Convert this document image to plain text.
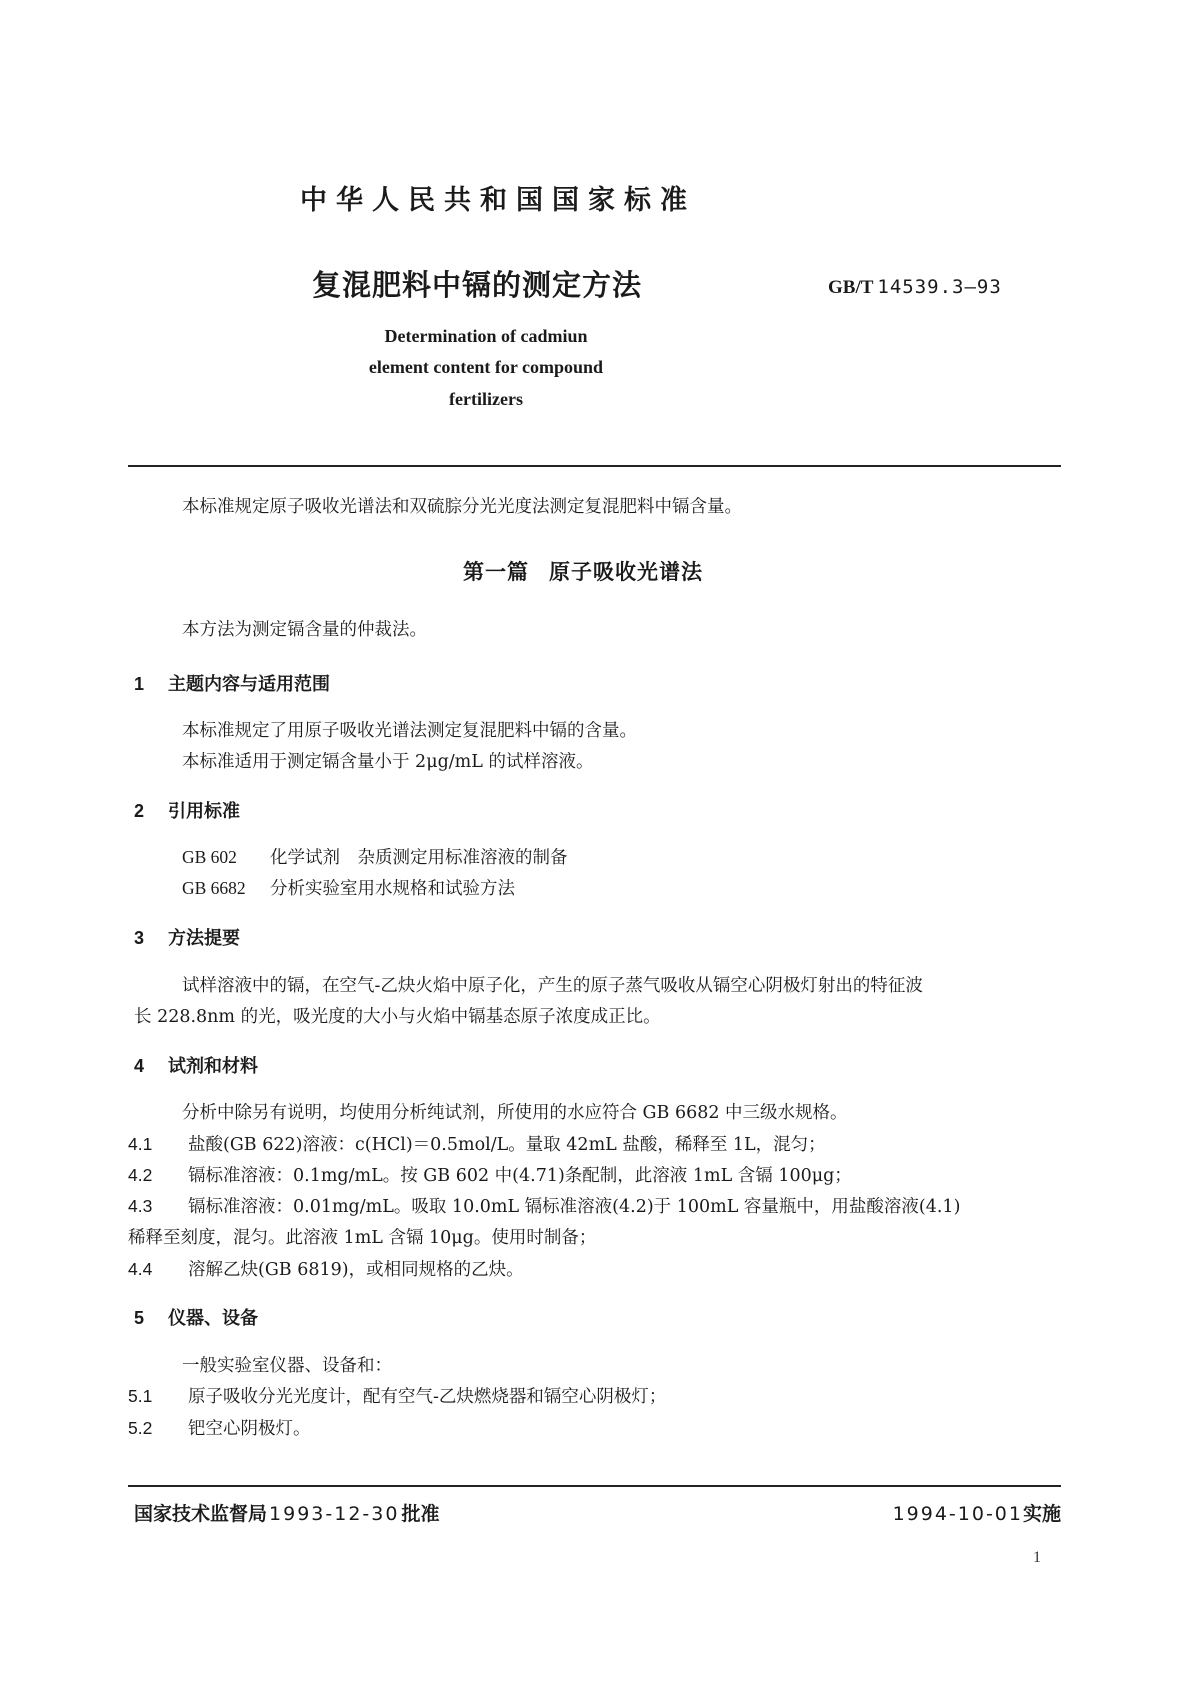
中华人民共和国国家标准
复混肥料中镉的测定方法	GB/T 14539.3—93
Determination of cadmiun
element content for compound
fertilizers
本标准规定原子吸收光谱法和双硫腙分光光度法测定复混肥料中镉含量。
第一篇 原子吸收光谱法
本方法为测定镉含量的仲裁法。
1 主题内容与适用范围
本标准规定了用原子吸收光谱法测定复混肥料中镉的含量。
本标准适用于测定镉含量小于 2μg/mL 的试样溶液。
2 引用标准
GB 602 化学试剂　杂质测定用标准溶液的制备
GB 6682 分析实验室用水规格和试验方法
3 方法提要
试样溶液中的镉，在空气-乙炔火焰中原子化，产生的原子蒸气吸收从镉空心阴极灯射出的特征波
长 228.8nm 的光，吸光度的大小与火焰中镉基态原子浓度成正比。
4 试剂和材料
分析中除另有说明，均使用分析纯试剂，所使用的水应符合 GB 6682 中三级水规格。
4.1 盐酸(GB 622)溶液：c(HCl)＝0.5mol/L。量取 42mL 盐酸，稀释至 1L，混匀；
4.2 镉标准溶液：0.1mg/mL。按 GB 602 中(4.71)条配制，此溶液 1mL 含镉 100μg；
4.3 镉标准溶液：0.01mg/mL。吸取 10.0mL 镉标准溶液(4.2)于 100mL 容量瓶中，用盐酸溶液(4.1)
稀释至刻度，混匀。此溶液 1mL 含镉 10μg。使用时制备；
4.4 溶解乙炔(GB 6819)，或相同规格的乙炔。
5 仪器、设备
一般实验室仪器、设备和：
5.1 原子吸收分光光度计，配有空气-乙炔燃烧器和镉空心阴极灯；
5.2 钯空心阴极灯。
国家技术监督局 1993-12-30 批准	1994-10-01实施
1
